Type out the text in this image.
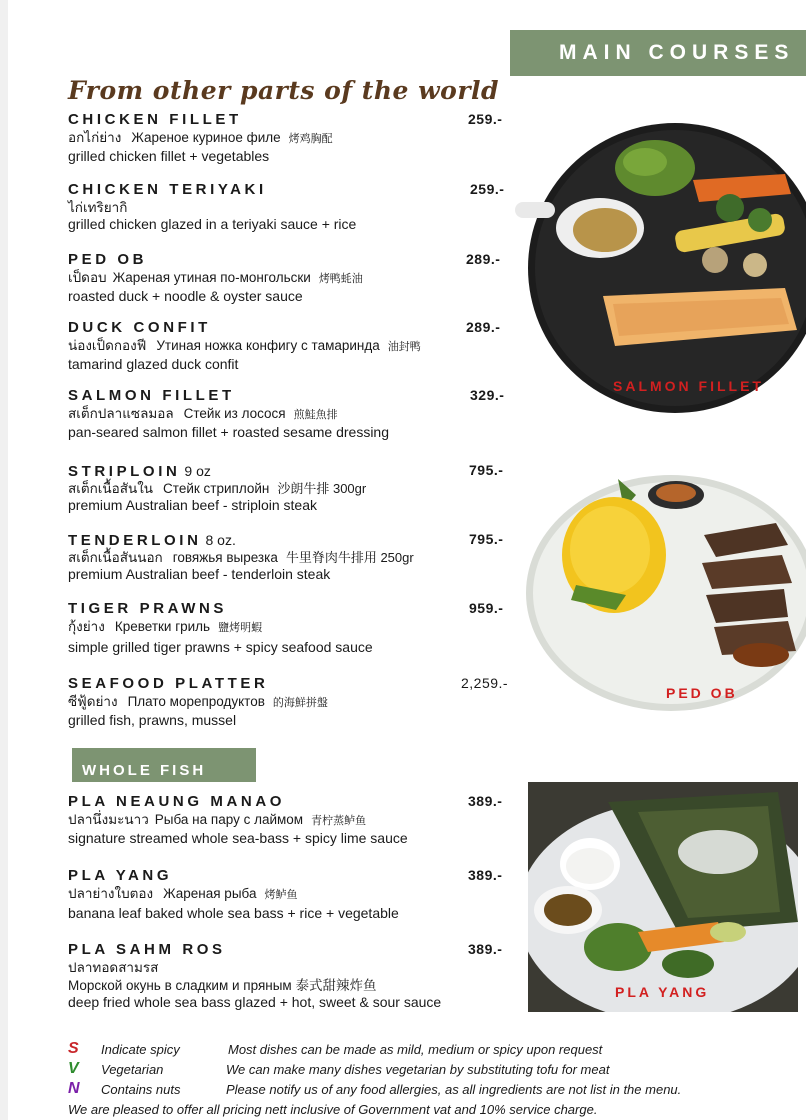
MAIN COURSES
From other parts of the world
CHICKEN FILLET	259.-
อกไก่ย่าง Жареное куриное филе 烤鸡胸配
grilled chicken fillet + vegetables
CHICKEN TERIYAKI	259.-
ไก่เทริยากิ
grilled chicken glazed in a teriyaki sauce + rice
PED OB	289.-
เป็ดอบ Жареная утиная по-монгольски 烤鸭蚝油
roasted duck + noodle & oyster sauce
DUCK CONFIT	289.-
น่องเป็ดกองฟี Утиная ножка конфигу с тамаринда 油封鸭
tamarind glazed duck confit
SALMON FILLET	329.-
สเต็กปลาแซลมอล Стейк из лосося 煎鮭魚排
pan-seared salmon fillet + roasted sesame dressing
STRIPLOIN 9 oz	795.-
สเต็กเนื้อสันใน Стейк стриплойн 沙朗牛排 300gr
premium Australian beef - striploin steak
TENDERLOIN 8 oz.	795.-
สเต็กเนื้อสันนอก говяжья вырезка 牛里脊肉牛排用 250gr
premium Australian beef - tenderloin steak
TIGER PRAWNS	959.-
กุ้งย่าง Креветки гриль 鹽烤明蝦
simple grilled tiger prawns + spicy seafood sauce
SEAFOOD PLATTER	2,259.-
ซีฟู้ดย่าง Плато морепродуктов 的海鮮拼盤
grilled fish, prawns, mussel
WHOLE FISH
PLA NEAUNG MANAO	389.-
ปลานึ่งมะนาว Рыба на пару с лаймом 青柠蒸鲈鱼
signature streamed whole sea-bass + spicy lime sauce
PLA YANG	389.-
ปลาย่างใบตอง Жареная рыба 烤鲈鱼
banana leaf baked whole sea bass + rice + vegetable
PLA SAHM ROS	389.-
ปลาทอดสามรส
Морской окунь в сладким и пряным 泰式甜辣炸鱼
deep fried whole sea bass glazed + hot, sweet & sour sauce
SALMON FILLET
PED OB
PLA YANG
S Indicate spicy	Most dishes can be made as mild, medium or spicy upon request
V Vegetarian	We can make many dishes vegetarian by substituting tofu for meat
N Contains nuts	Please notify us of any food allergies, as all ingredients are not list in the menu.
We are pleased to offer all pricing nett inclusive of Government vat and 10% service charge.
